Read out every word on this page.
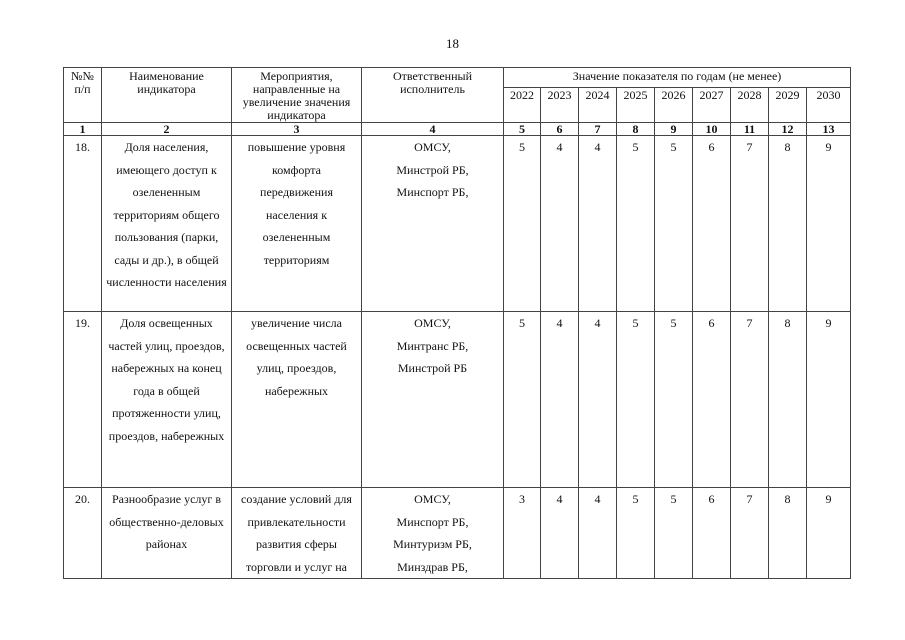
18
№№
п/п	Наименование индикатора	Мероприятия, направленные на увеличение значения индикатора	Ответственный исполнитель	Значение показателя по годам (не менее)								
				2022	2023	2024	2025	2026	2027	2028	2029	2030
1	2	3	4	5	6	7	8	9	10	11	12	13
18.	Доля населения, имеющего доступ к озелененным территориям общего пользования (парки, сады и др.), в общей численности населения	повышение уровня комфорта передвижения населения к озелененным территориям	ОМСУ,
Минстрой РБ,
Минспорт РБ,	5	4	4	5	5	6	7	8	9
19.	Доля освещенных частей улиц, проездов, набережных на конец года в общей протяженности улиц, проездов, набережных	увеличение числа освещенных частей улиц, проездов, набережных	ОМСУ,
Минтранс РБ,
Минстрой РБ	5	4	4	5	5	6	7	8	9
20.	Разнообразие услуг в общественно-деловых районах	создание условий для привлекательности развития сферы торговли и услуг на	ОМСУ,
Минспорт РБ,
Минтуризм РБ,
Минздрав РБ,	3	4	4	5	5	6	7	8	9
